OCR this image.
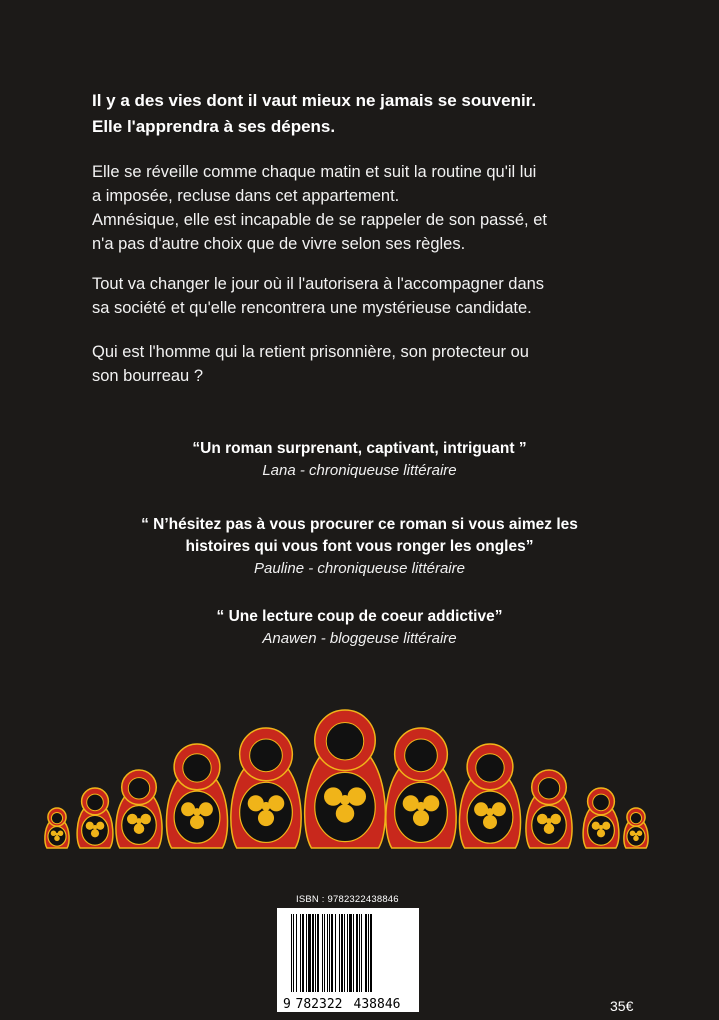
Il y a des vies dont il vaut mieux ne jamais se souvenir.
Elle l'apprendra à ses dépens.
Elle se réveille comme chaque matin et suit la routine qu'il lui
a imposée, recluse dans cet appartement.
Amnésique, elle est incapable de se rappeler de son passé, et
n'a pas d'autre choix que de vivre selon ses règles.
Tout va changer le jour où il l'autorisera à l'accompagner dans
sa société et qu'elle rencontrera une mystérieuse candidate.
Qui est l'homme qui la retient prisonnière, son protecteur ou
son bourreau ?
“Un roman surprenant, captivant, intriguant ”
Lana - chroniqueuse littéraire
“ N’hésitez pas à vous procurer ce roman si vous aimez les
histoires qui vous font vous ronger les ongles”
Pauline - chroniqueuse littéraire
“ Une lecture coup de coeur addictive”
Anawen - bloggeuse littéraire
ISBN : 9782322438846
9 782322 438846	35€
